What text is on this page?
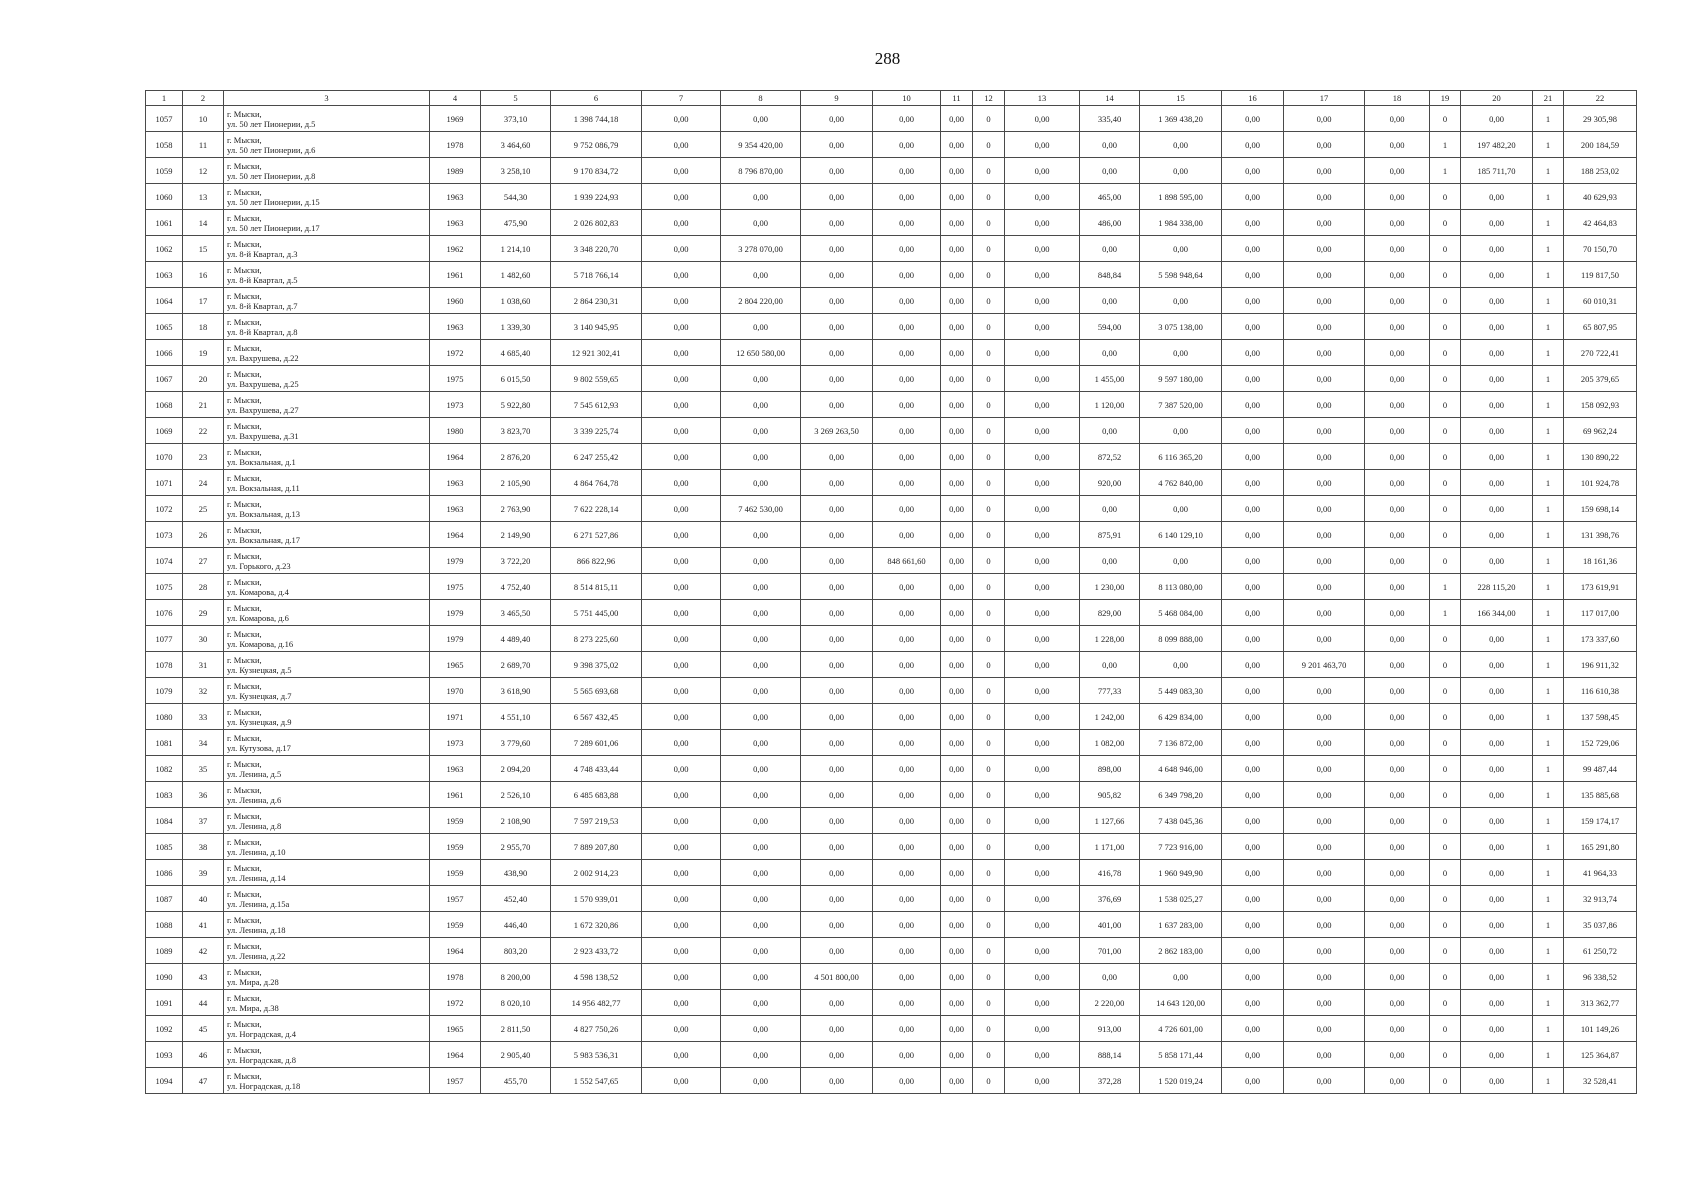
288
1	2	3	4	5	6	7	8	9	10	11	12	13	14	15	16	17	18	19	20	21	22
1057	10	г. Мыски,
ул. 50 лет Пионерии, д.5	1969	373,10	1 398 744,18	0,00	0,00	0,00	0,00	0,00	0	0,00	335,40	1 369 438,20	0,00	0,00	0,00	0	0,00	1	29 305,98
1058	11	г. Мыски,
ул. 50 лет Пионерии, д.6	1978	3 464,60	9 752 086,79	0,00	9 354 420,00	0,00	0,00	0,00	0	0,00	0,00	0,00	0,00	0,00	0,00	1	197 482,20	1	200 184,59
1059	12	г. Мыски,
ул. 50 лет Пионерии, д.8	1989	3 258,10	9 170 834,72	0,00	8 796 870,00	0,00	0,00	0,00	0	0,00	0,00	0,00	0,00	0,00	0,00	1	185 711,70	1	188 253,02
1060	13	г. Мыски,
ул. 50 лет Пионерии, д.15	1963	544,30	1 939 224,93	0,00	0,00	0,00	0,00	0,00	0	0,00	465,00	1 898 595,00	0,00	0,00	0,00	0	0,00	1	40 629,93
1061	14	г. Мыски,
ул. 50 лет Пионерии, д.17	1963	475,90	2 026 802,83	0,00	0,00	0,00	0,00	0,00	0	0,00	486,00	1 984 338,00	0,00	0,00	0,00	0	0,00	1	42 464,83
1062	15	г. Мыски,
ул. 8-й Квартал, д.3	1962	1 214,10	3 348 220,70	0,00	3 278 070,00	0,00	0,00	0,00	0	0,00	0,00	0,00	0,00	0,00	0,00	0	0,00	1	70 150,70
1063	16	г. Мыски,
ул. 8-й Квартал, д.5	1961	1 482,60	5 718 766,14	0,00	0,00	0,00	0,00	0,00	0	0,00	848,84	5 598 948,64	0,00	0,00	0,00	0	0,00	1	119 817,50
1064	17	г. Мыски,
ул. 8-й Квартал, д.7	1960	1 038,60	2 864 230,31	0,00	2 804 220,00	0,00	0,00	0,00	0	0,00	0,00	0,00	0,00	0,00	0,00	0	0,00	1	60 010,31
1065	18	г. Мыски,
ул. 8-й Квартал, д.8	1963	1 339,30	3 140 945,95	0,00	0,00	0,00	0,00	0,00	0	0,00	594,00	3 075 138,00	0,00	0,00	0,00	0	0,00	1	65 807,95
1066	19	г. Мыски,
ул. Вахрушева, д.22	1972	4 685,40	12 921 302,41	0,00	12 650 580,00	0,00	0,00	0,00	0	0,00	0,00	0,00	0,00	0,00	0,00	0	0,00	1	270 722,41
1067	20	г. Мыски,
ул. Вахрушева, д.25	1975	6 015,50	9 802 559,65	0,00	0,00	0,00	0,00	0,00	0	0,00	1 455,00	9 597 180,00	0,00	0,00	0,00	0	0,00	1	205 379,65
1068	21	г. Мыски,
ул. Вахрушева, д.27	1973	5 922,80	7 545 612,93	0,00	0,00	0,00	0,00	0,00	0	0,00	1 120,00	7 387 520,00	0,00	0,00	0,00	0	0,00	1	158 092,93
1069	22	г. Мыски,
ул. Вахрушева, д.31	1980	3 823,70	3 339 225,74	0,00	0,00	3 269 263,50	0,00	0,00	0	0,00	0,00	0,00	0,00	0,00	0,00	0	0,00	1	69 962,24
1070	23	г. Мыски,
ул. Вокзальная, д.1	1964	2 876,20	6 247 255,42	0,00	0,00	0,00	0,00	0,00	0	0,00	872,52	6 116 365,20	0,00	0,00	0,00	0	0,00	1	130 890,22
1071	24	г. Мыски,
ул. Вокзальная, д.11	1963	2 105,90	4 864 764,78	0,00	0,00	0,00	0,00	0,00	0	0,00	920,00	4 762 840,00	0,00	0,00	0,00	0	0,00	1	101 924,78
1072	25	г. Мыски,
ул. Вокзальная, д.13	1963	2 763,90	7 622 228,14	0,00	7 462 530,00	0,00	0,00	0,00	0	0,00	0,00	0,00	0,00	0,00	0,00	0	0,00	1	159 698,14
1073	26	г. Мыски,
ул. Вокзальная, д.17	1964	2 149,90	6 271 527,86	0,00	0,00	0,00	0,00	0,00	0	0,00	875,91	6 140 129,10	0,00	0,00	0,00	0	0,00	1	131 398,76
1074	27	г. Мыски,
ул. Горького, д.23	1979	3 722,20	866 822,96	0,00	0,00	0,00	848 661,60	0,00	0	0,00	0,00	0,00	0,00	0,00	0,00	0	0,00	1	18 161,36
1075	28	г. Мыски,
ул. Комарова, д.4	1975	4 752,40	8 514 815,11	0,00	0,00	0,00	0,00	0,00	0	0,00	1 230,00	8 113 080,00	0,00	0,00	0,00	1	228 115,20	1	173 619,91
1076	29	г. Мыски,
ул. Комарова, д.6	1979	3 465,50	5 751 445,00	0,00	0,00	0,00	0,00	0,00	0	0,00	829,00	5 468 084,00	0,00	0,00	0,00	1	166 344,00	1	117 017,00
1077	30	г. Мыски,
ул. Комарова, д.16	1979	4 489,40	8 273 225,60	0,00	0,00	0,00	0,00	0,00	0	0,00	1 228,00	8 099 888,00	0,00	0,00	0,00	0	0,00	1	173 337,60
1078	31	г. Мыски,
ул. Кузнецкая, д.5	1965	2 689,70	9 398 375,02	0,00	0,00	0,00	0,00	0,00	0	0,00	0,00	0,00	0,00	9 201 463,70	0,00	0	0,00	1	196 911,32
1079	32	г. Мыски,
ул. Кузнецкая, д.7	1970	3 618,90	5 565 693,68	0,00	0,00	0,00	0,00	0,00	0	0,00	777,33	5 449 083,30	0,00	0,00	0,00	0	0,00	1	116 610,38
1080	33	г. Мыски,
ул. Кузнецкая, д.9	1971	4 551,10	6 567 432,45	0,00	0,00	0,00	0,00	0,00	0	0,00	1 242,00	6 429 834,00	0,00	0,00	0,00	0	0,00	1	137 598,45
1081	34	г. Мыски,
ул. Кутузова, д.17	1973	3 779,60	7 289 601,06	0,00	0,00	0,00	0,00	0,00	0	0,00	1 082,00	7 136 872,00	0,00	0,00	0,00	0	0,00	1	152 729,06
1082	35	г. Мыски,
ул. Ленина, д.5	1963	2 094,20	4 748 433,44	0,00	0,00	0,00	0,00	0,00	0	0,00	898,00	4 648 946,00	0,00	0,00	0,00	0	0,00	1	99 487,44
1083	36	г. Мыски,
ул. Ленина, д.6	1961	2 526,10	6 485 683,88	0,00	0,00	0,00	0,00	0,00	0	0,00	905,82	6 349 798,20	0,00	0,00	0,00	0	0,00	1	135 885,68
1084	37	г. Мыски,
ул. Ленина, д.8	1959	2 108,90	7 597 219,53	0,00	0,00	0,00	0,00	0,00	0	0,00	1 127,66	7 438 045,36	0,00	0,00	0,00	0	0,00	1	159 174,17
1085	38	г. Мыски,
ул. Ленина, д.10	1959	2 955,70	7 889 207,80	0,00	0,00	0,00	0,00	0,00	0	0,00	1 171,00	7 723 916,00	0,00	0,00	0,00	0	0,00	1	165 291,80
1086	39	г. Мыски,
ул. Ленина, д.14	1959	438,90	2 002 914,23	0,00	0,00	0,00	0,00	0,00	0	0,00	416,78	1 960 949,90	0,00	0,00	0,00	0	0,00	1	41 964,33
1087	40	г. Мыски,
ул. Ленина, д.15а	1957	452,40	1 570 939,01	0,00	0,00	0,00	0,00	0,00	0	0,00	376,69	1 538 025,27	0,00	0,00	0,00	0	0,00	1	32 913,74
1088	41	г. Мыски,
ул. Ленина, д.18	1959	446,40	1 672 320,86	0,00	0,00	0,00	0,00	0,00	0	0,00	401,00	1 637 283,00	0,00	0,00	0,00	0	0,00	1	35 037,86
1089	42	г. Мыски,
ул. Ленина, д.22	1964	803,20	2 923 433,72	0,00	0,00	0,00	0,00	0,00	0	0,00	701,00	2 862 183,00	0,00	0,00	0,00	0	0,00	1	61 250,72
1090	43	г. Мыски,
ул. Мира, д.28	1978	8 200,00	4 598 138,52	0,00	0,00	4 501 800,00	0,00	0,00	0	0,00	0,00	0,00	0,00	0,00	0,00	0	0,00	1	96 338,52
1091	44	г. Мыски,
ул. Мира, д.38	1972	8 020,10	14 956 482,77	0,00	0,00	0,00	0,00	0,00	0	0,00	2 220,00	14 643 120,00	0,00	0,00	0,00	0	0,00	1	313 362,77
1092	45	г. Мыски,
ул. Ноградская, д.4	1965	2 811,50	4 827 750,26	0,00	0,00	0,00	0,00	0,00	0	0,00	913,00	4 726 601,00	0,00	0,00	0,00	0	0,00	1	101 149,26
1093	46	г. Мыски,
ул. Ноградская, д.8	1964	2 905,40	5 983 536,31	0,00	0,00	0,00	0,00	0,00	0	0,00	888,14	5 858 171,44	0,00	0,00	0,00	0	0,00	1	125 364,87
1094	47	г. Мыски,
ул. Ноградская, д.18	1957	455,70	1 552 547,65	0,00	0,00	0,00	0,00	0,00	0	0,00	372,28	1 520 019,24	0,00	0,00	0,00	0	0,00	1	32 528,41
